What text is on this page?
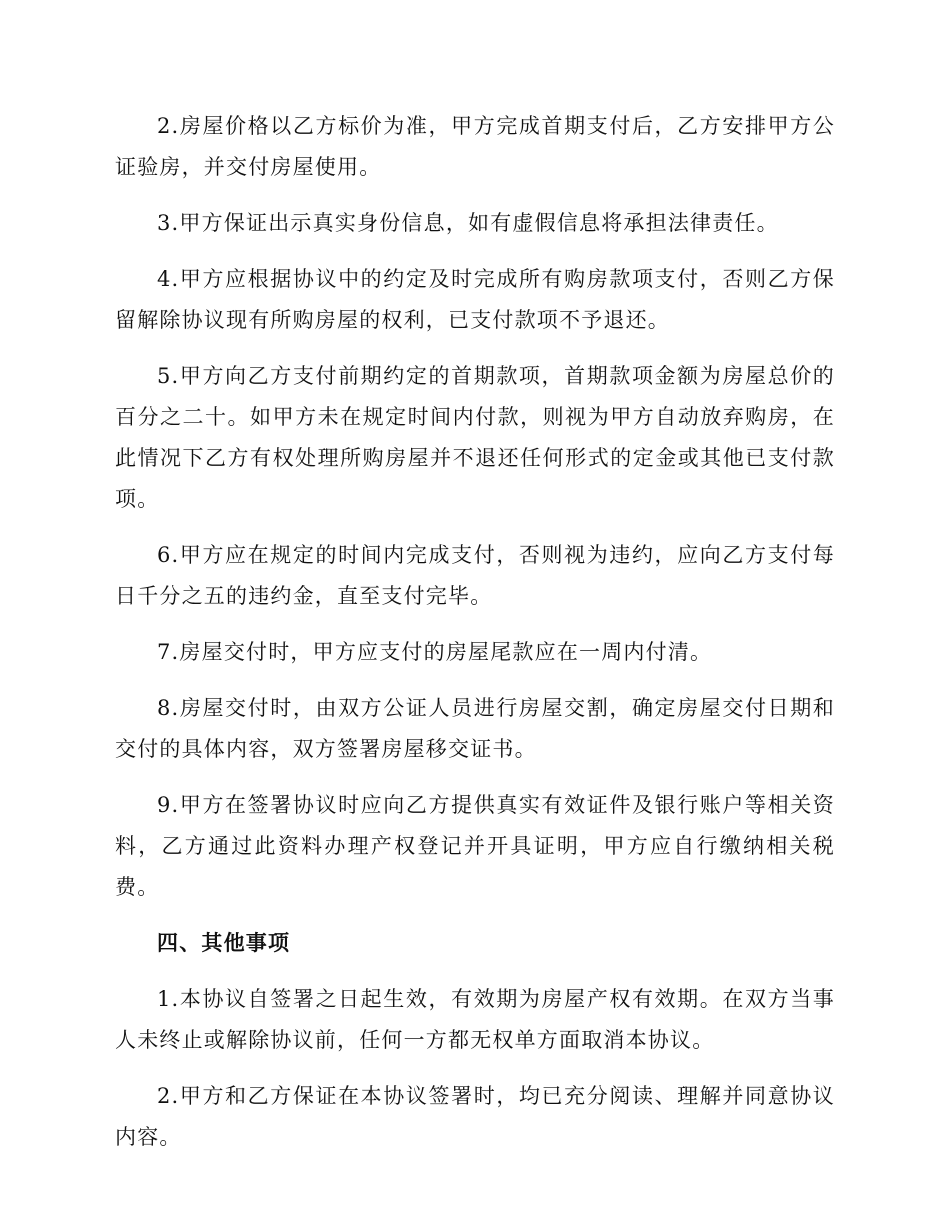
2.房屋价格以乙方标价为准，甲方完成首期支付后，乙方安排甲方公证验房，并交付房屋使用。

3.甲方保证出示真实身份信息，如有虚假信息将承担法律责任。

4.甲方应根据协议中的约定及时完成所有购房款项支付，否则乙方保留解除协议现有所购房屋的权利，已支付款项不予退还。

5.甲方向乙方支付前期约定的首期款项，首期款项金额为房屋总价的百分之二十。如甲方未在规定时间内付款，则视为甲方自动放弃购房，在此情况下乙方有权处理所购房屋并不退还任何形式的定金或其他已支付款项。

6.甲方应在规定的时间内完成支付，否则视为违约，应向乙方支付每日千分之五的违约金，直至支付完毕。

7.房屋交付时，甲方应支付的房屋尾款应在一周内付清。

8.房屋交付时，由双方公证人员进行房屋交割，确定房屋交付日期和交付的具体内容，双方签署房屋移交证书。

9.甲方在签署协议时应向乙方提供真实有效证件及银行账户等相关资料，乙方通过此资料办理产权登记并开具证明，甲方应自行缴纳相关税费。

四、其他事项

1.本协议自签署之日起生效，有效期为房屋产权有效期。在双方当事人未终止或解除协议前，任何一方都无权单方面取消本协议。

2.甲方和乙方保证在本协议签署时，均已充分阅读、理解并同意协议内容。
